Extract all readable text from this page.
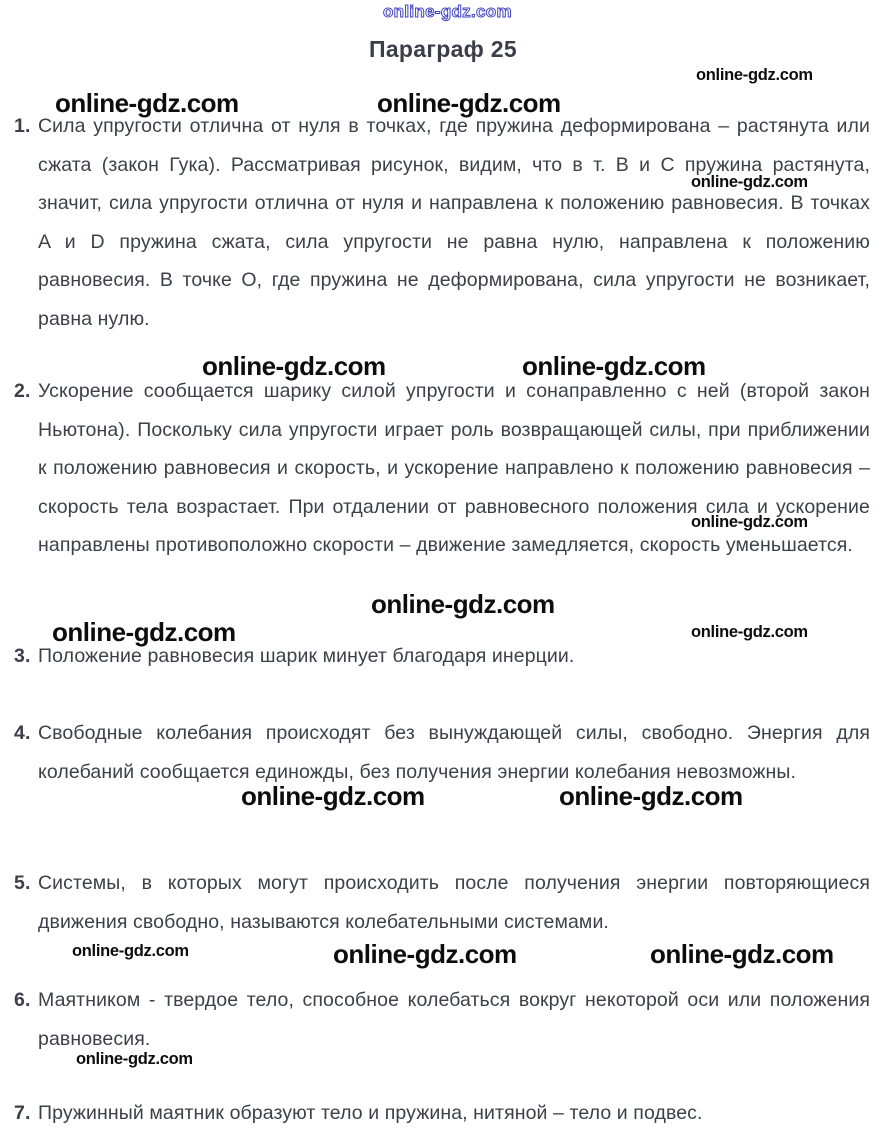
online-gdz.com
online-gdz.com
online-gdz.com	online-gdz.com
online-gdz.com
online-gdz.com	online-gdz.com
online-gdz.com
online-gdz.com
online-gdz.com	online-gdz.com
online-gdz.com	online-gdz.com
online-gdz.com	online-gdz.com	online-gdz.com
online-gdz.com
Параграф 25
1. Сила упругости отлична от нуля в точках, где пружина деформирована – растянута или сжата (закон Гука). Рассматривая рисунок, видим, что в т. B и C пружина растянута, значит, сила упругости отлична от нуля и направлена к положению равновесия. В точках A и D пружина сжата, сила упругости не равна нулю, направлена к положению равновесия. В точке O, где пружина не деформирована, сила упругости не возникает, равна нулю.
2. Ускорение сообщается шарику силой упругости и сонаправленно с ней (второй закон Ньютона). Поскольку сила упругости играет роль возвращающей силы, при приближении к положению равновесия и скорость, и ускорение направлено к положению равновесия – скорость тела возрастает. При отдалении от равновесного положения сила и ускорение направлены противоположно скорости – движение замедляется, скорость уменьшается.
3. Положение равновесия шарик минует благодаря инерции.
4. Свободные колебания происходят без вынуждающей силы, свободно. Энергия для колебаний сообщается единожды, без получения энергии колебания невозможны.
5. Системы, в которых могут происходить после получения энергии повторяющиеся движения свободно, называются колебательными системами.
6. Маятником - твердое тело, способное колебаться вокруг некоторой оси или положения равновесия.
7. Пружинный маятник образуют тело и пружина, нитяной – тело и подвес.
